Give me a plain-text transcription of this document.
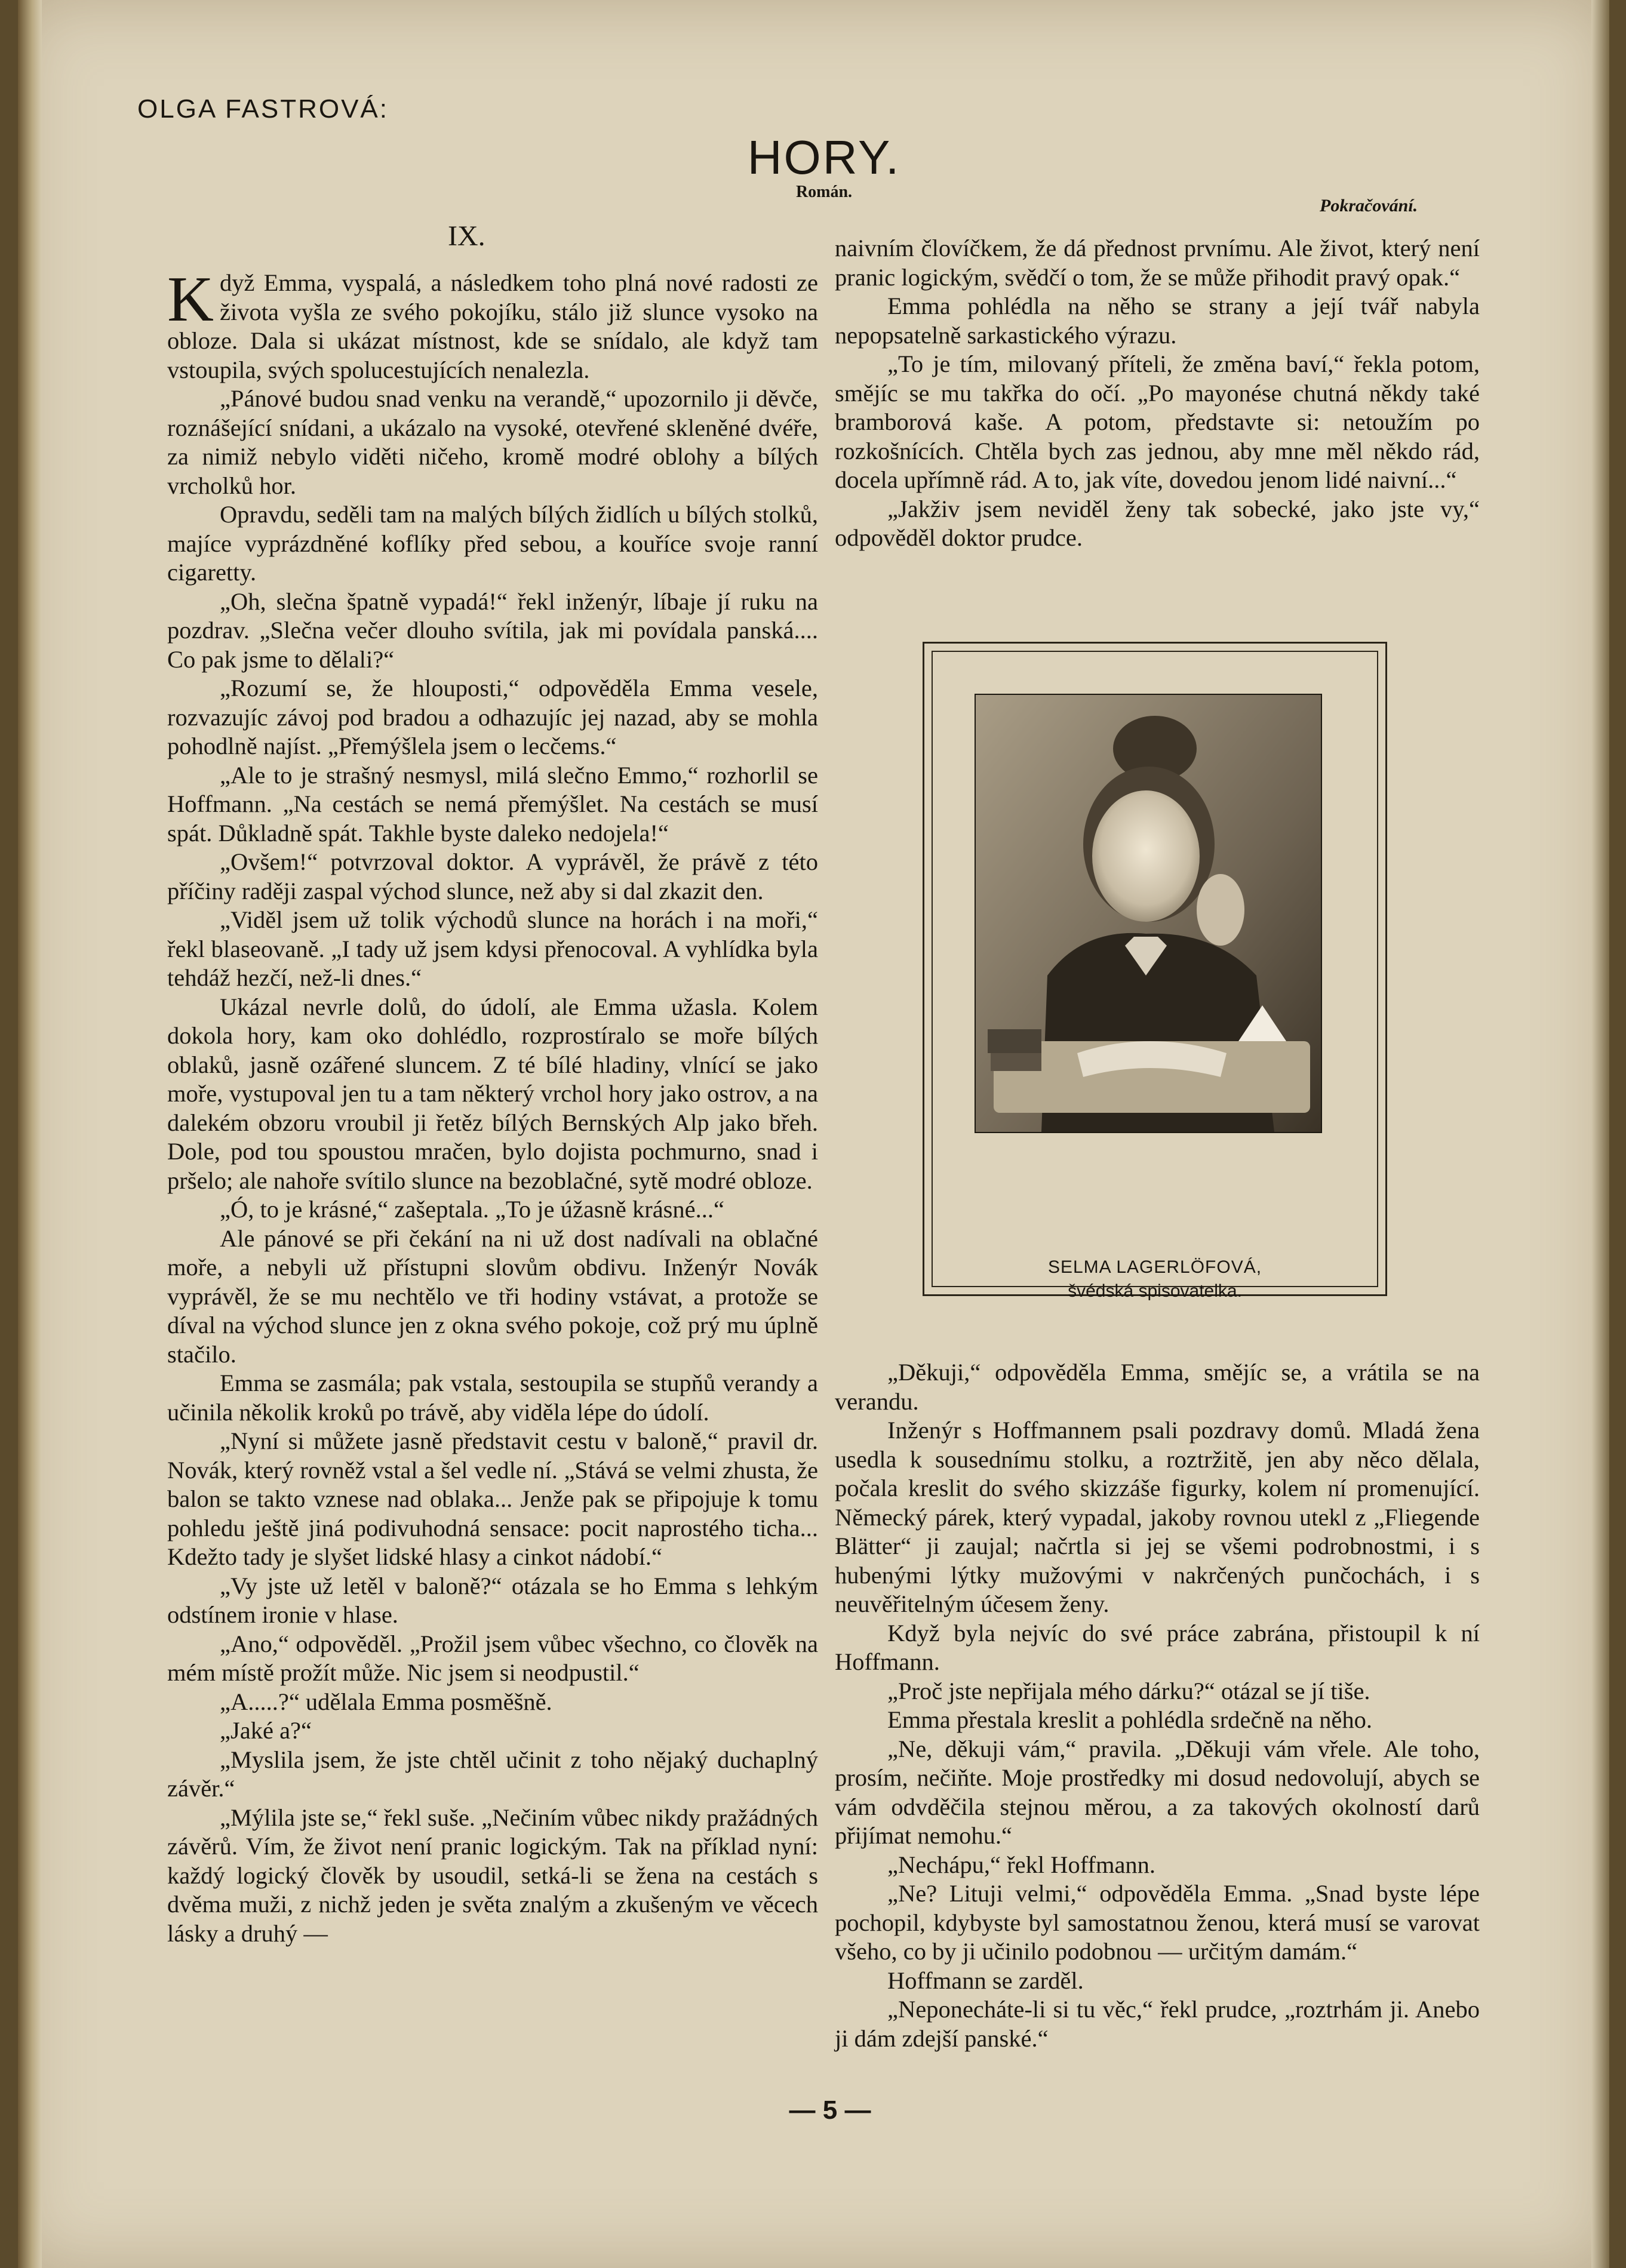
OLGA FASTROVÁ:
HORY.
Román.
Pokračování.
IX.

Když Emma, vyspalá, a následkem toho plná nové radosti ze života vyšla ze svého pokojíku, stálo již slunce vysoko na obloze. Dala si ukázat místnost, kde se snídalo, ale když tam vstoupila, svých spolucestujících nenalezla.

„Pánové budou snad venku na verandě,“ upozornilo ji děvče, roznášející snídani, a ukázalo na vysoké, otevřené skleněné dvéře, za nimiž nebylo viděti ničeho, kromě modré oblohy a bílých vrcholků hor.

Opravdu, seděli tam na malých bílých židlích u bílých stolků, majíce vyprázdněné koflíky před sebou, a kouříce svoje ranní cigaretty.

„Oh, slečna špatně vypadá!“ řekl inženýr, líbaje jí ruku na pozdrav. „Slečna večer dlouho svítila, jak mi povídala panská.... Co pak jsme to dělali?“

„Rozumí se, že hlouposti,“ odpověděla Emma vesele, rozvazujíc závoj pod bradou a odhazujíc jej nazad, aby se mohla pohodlně najíst. „Přemýšlela jsem o lecčems.“

„Ale to je strašný nesmysl, milá slečno Emmo,“ rozhorlil se Hoffmann. „Na cestách se nemá přemýšlet. Na cestách se musí spát. Důkladně spát. Takhle byste daleko nedojela!“

„Ovšem!“ potvrzoval doktor. A vyprávěl, že právě z této příčiny raději zaspal východ slunce, než aby si dal zkazit den.

„Viděl jsem už tolik východů slunce na horách i na moři,“ řekl blaseovaně. „I tady už jsem kdysi přenocoval. A vyhlídka byla tehdáž hezčí, než-li dnes.“

Ukázal nevrle dolů, do údolí, ale Emma užasla. Kolem dokola hory, kam oko dohlédlo, rozprostíralo se moře bílých oblaků, jasně ozářené sluncem. Z té bílé hladiny, vlnící se jako moře, vystupoval jen tu a tam některý vrchol hory jako ostrov, a na dalekém obzoru vroubil ji řetěz bílých Bernských Alp jako břeh. Dole, pod tou spoustou mračen, bylo dojista pochmurno, snad i pršelo; ale nahoře svítilo slunce na bezoblačné, sytě modré obloze.

„Ó, to je krásné,“ zašeptala. „To je úžasně krásné...“

Ale pánové se při čekání na ni už dost nadívali na oblačné moře, a nebyli už přístupni slovům obdivu. Inženýr Novák vyprávěl, že se mu nechtělo ve tři hodiny vstávat, a protože se díval na východ slunce jen z okna svého pokoje, což prý mu úplně stačilo.

Emma se zasmála; pak vstala, sestoupila se stupňů verandy a učinila několik kroků po trávě, aby viděla lépe do údolí.

„Nyní si můžete jasně představit cestu v baloně,“ pravil dr. Novák, který rovněž vstal a šel vedle ní. „Stává se velmi zhusta, že balon se takto vznese nad oblaka... Jenže pak se připojuje k tomu pohledu ještě jiná podivuhodná sensace: pocit naprostého ticha... Kdežto tady je slyšet lidské hlasy a cinkot nádobí.“

„Vy jste už letěl v baloně?“ otázala se ho Emma s lehkým odstínem ironie v hlase.

„Ano,“ odpověděl. „Prožil jsem vůbec všechno, co člověk na mém místě prožít může. Nic jsem si neodpustil.“

„A.....?“ udělala Emma posměšně.

„Jaké a?“

„Myslila jsem, že jste chtěl učinit z toho nějaký duchaplný závěr.“

„Mýlila jste se,“ řekl suše. „Nečiním vůbec nikdy pražádných závěrů. Vím, že život není pranic logickým. Tak na příklad nyní: každý logický člověk by usoudil, setká-li se žena na cestách s dvěma muži, z nichž jeden je světa znalým a zkušeným ve věcech lásky a druhý —

naivním človíčkem, že dá přednost prvnímu. Ale život, který není pranic logickým, svědčí o tom, že se může přihodit pravý opak.“

Emma pohlédla na něho se strany a její tvář nabyla nepopsatelně sarkastického výrazu.

„To je tím, milovaný příteli, že změna baví,“ řekla potom, smějíc se mu takřka do očí. „Po mayonése chutná někdy také bramborová kaše. A potom, představte si: netoužím po rozkošnících. Chtěla bych zas jednou, aby mne měl někdo rád, docela upřímně rád. A to, jak víte, dovedou jenom lidé naivní...“

„Jakživ jsem neviděl ženy tak sobecké, jako jste vy,“ odpověděl doktor prudce.

SELMA LAGERLÖFOVÁ,
švédská spisovatelka.

„Děkuji,“ odpověděla Emma, smějíc se, a vrátila se na verandu.

Inženýr s Hoffmannem psali pozdravy domů. Mladá žena usedla k sousednímu stolku, a roztržitě, jen aby něco dělala, počala kreslit do svého skizzáše figurky, kolem ní promenující. Německý párek, který vypadal, jakoby rovnou utekl z „Fliegende Blätter“ ji zaujal; načrtla si jej se všemi podrobnostmi, i s hubenými lýtky mužovými v nakrčených punčochách, i s neuvěřitelným účesem ženy.

Když byla nejvíc do své práce zabrána, přistoupil k ní Hoffmann.

„Proč jste nepřijala mého dárku?“ otázal se jí tiše.

Emma přestala kreslit a pohlédla srdečně na něho.

„Ne, děkuji vám,“ pravila. „Děkuji vám vřele. Ale toho, prosím, nečiňte. Moje prostředky mi dosud nedovolují, abych se vám odvděčila stejnou měrou, a za takových okolností darů přijímat nemohu.“

„Nechápu,“ řekl Hoffmann.

„Ne? Lituji velmi,“ odpověděla Emma. „Snad byste lépe pochopil, kdybyste byl samostatnou ženou, která musí se varovat všeho, co by ji učinilo podobnou — určitým damám.“

Hoffmann se zarděl.

„Neponecháte-li si tu věc,“ řekl prudce, „roztrhám ji. Anebo ji dám zdejší panské.“

— 5 —
